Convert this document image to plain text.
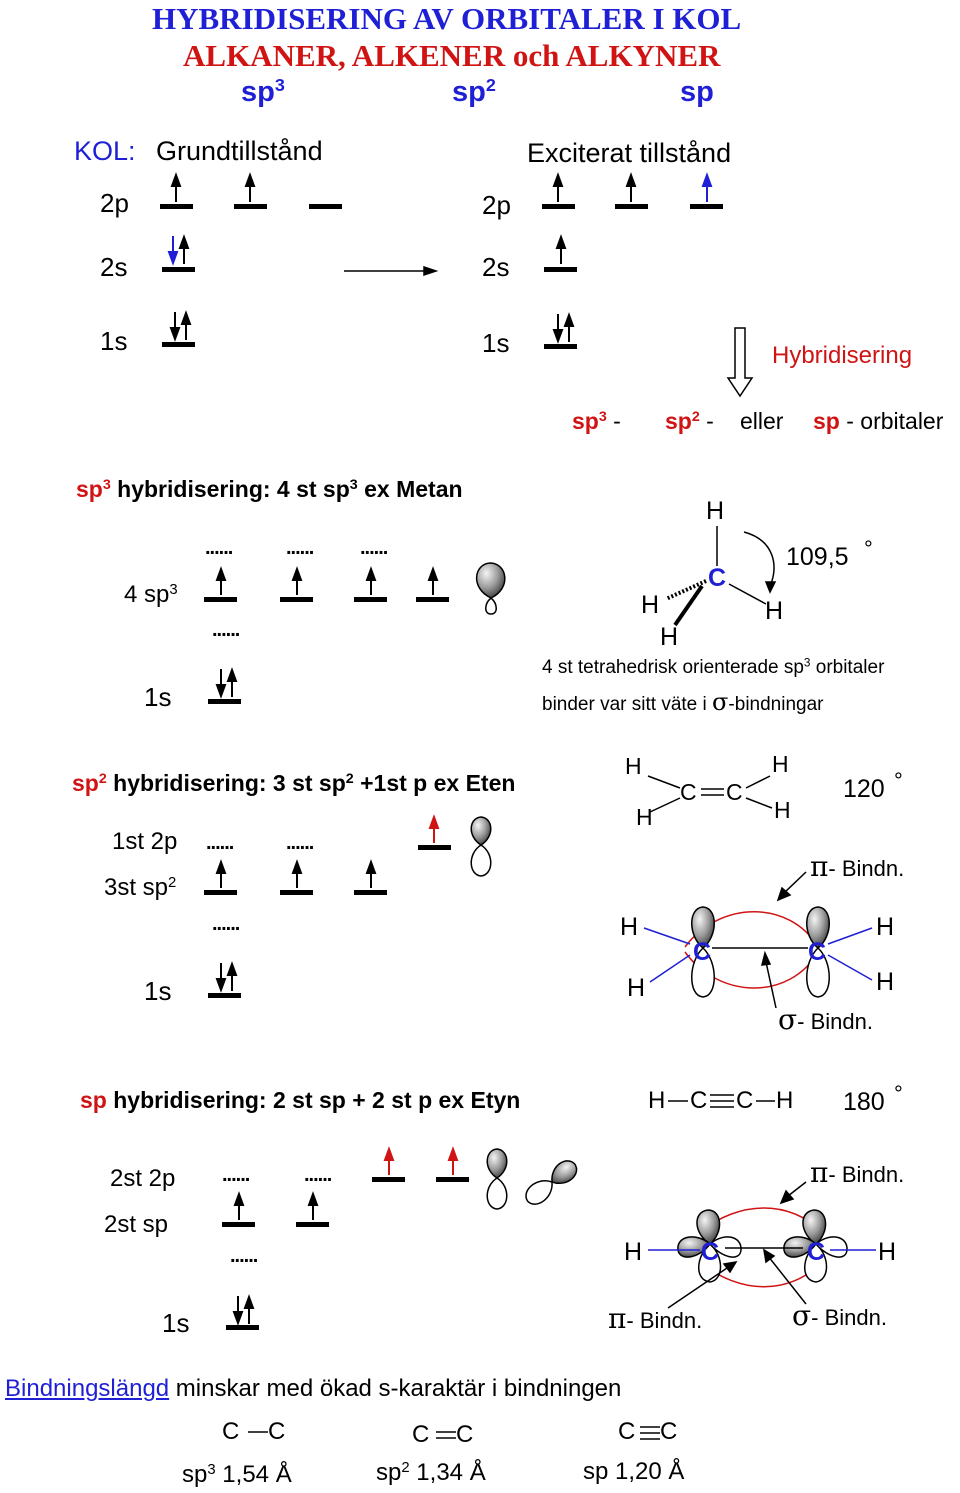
HYBRIDISERING AV ORBITALER I KOL
ALKANER, ALKENER och ALKYNER
$sp^3$	$sp^2$	sp
KOL: Grundtillstånd	Exciterat tillstånd
2p
2s
1s
2p
2s
1s	Hybridisering
$sp^3 - sp^2$ - eller sp - orbitaler
$sp^3$ hybridisering: 4 st $sp^3$ ex Metan
4 $sp^3$
1s
......	...... ......
......
H
C
H	H
H
109,5 °
4 st tetrahedrisk orienterade $sp^3$ orbitaler
binder var sitt väte i σ-bindningar
$sp^2$ hybridisering: 3 st $sp^2 +1st$ p ex Eten
1st 2p
3st $sp^2$
1s
......	......
......
H
H
C C
H
H
120 °
π- Bindn.
H
H
H
H
C	C
σ- Bindn.
sp hybridisering: 2 st sp + 2 st p ex Etyn
2st 2p
2st sp
1s
......	......
......
H C C H 180 °
π- Bindn.
H	H
C	C
π- Bindn.	σ- Bindn.
Bindningslängd minskar med ökad s-karaktär i bindningen
C C	C C	C C
$sp^3$ 1,54 Å	$sp^2$ 1,34 Å	sp 1,20 Å
